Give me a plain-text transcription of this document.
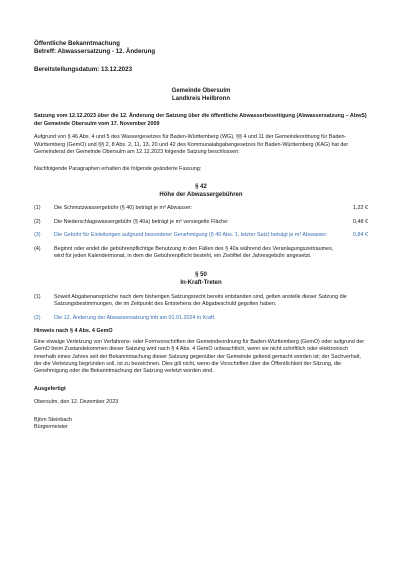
Öffentliche Bekanntmachung

Betreff: Abwassersatzung - 12. Änderung

Bereitstellungsdatum: 13.12.2023

Gemeinde Obersulm

Landkreis Heilbronn

Satzung vom 12.12.2023 über die 12. Änderung der Satzung über die öffentliche Abwasserbeseitigung (Abwassersatzung – AbwS) der Gemeinde Obersulm vom 17. November 2009

Aufgrund von § 46 Abs. 4 und 5 des Wassergesetzes für Baden-Württemberg (WG), §§ 4 und 11 der Gemeindeordnung für Baden-Württemberg (GemO) und §§ 2, 8 Abs. 2, 11, 13, 20 und 42 des Kommunalabgabengesetzes für Baden-Württemberg (KAG) hat der Gemeinderat der Gemeinde Obersulm am 12.12.2023 folgende Satzung beschlossen:

Nachfolgende Paragraphen erhalten die folgende geänderte Fassung:

§ 42

Höhe der Abwassergebühren

(1)	Die Schmutzwassergebühr (§ 40) beträgt je m³ Abwasser:	1,22 €
(2)	Die Niederschlagswassergebühr (§ 40a) beträgt je m² versiegelte Fläche:	0,48 €
(3)	Die Gebühr für Einleitungen aufgrund besonderer Genehmigung (§ 40 Abs. 1, letzter Satz) beträgt je m³ Abwasser:	0,84 €
(4)	Beginnt oder endet die gebührenpflichtige Benutzung in den Fällen des § 40a während des Veranlagungszeitraumes, wird für jeden Kalendermonat, in dem die Gebührenpflicht besteht, ein Zwölftel der Jahresgebühr angesetzt.

§ 50

In-Kraft-Treten

(1)	Soweit Abgabenansprüche nach dem bisherigen Satzungsrecht bereits entstanden sind, gelten anstelle dieser Satzung die Satzungsbestimmungen, die im Zeitpunkt des Entstehens der Abgabeschuld gegolten haben.
(2)	Die 12. Änderung der Abwassersatzung tritt am 01.01.2024 in Kraft.

Hinweis nach § 4 Abs. 4 GemO

Eine etwaige Verletzung von Verfahrens- oder Formvorschriften der Gemeindeordnung für Baden-Württemberg (GemO) oder aufgrund der GemO beim Zustandekommen dieser Satzung wird nach § 4 Abs. 4 GemO unbeachtlich, wenn sie nicht schriftlich oder elektronisch innerhalb eines Jahres seit der Bekanntmachung dieser Satzung gegenüber der Gemeinde geltend gemacht worden ist; der Sachverhalt, der die Verletzung begründen soll, ist zu bezeichnen. Dies gilt nicht, wenn die Vorschriften über die Öffentlichkeit der Sitzung, die Genehmigung oder die Bekanntmachung der Satzung verletzt worden sind.

Ausgefertigt

Obersulm, den 12. Dezember 2023

Björn Steinbach

Bürgermeister
